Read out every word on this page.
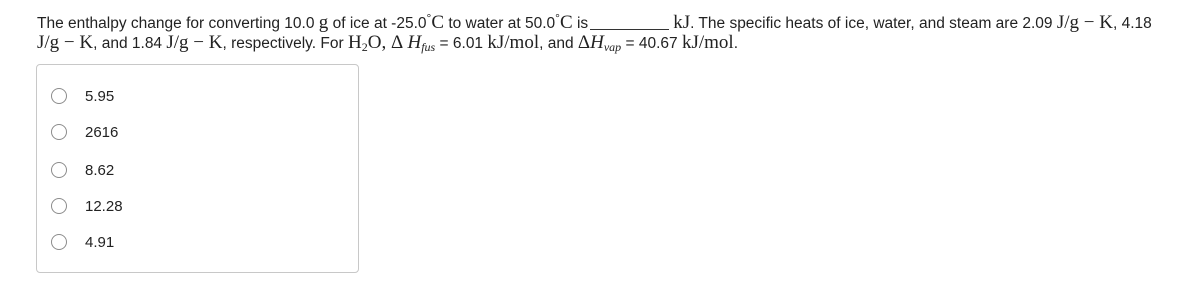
The enthalpy change for converting 10.0 g of ice at -25.0°C to water at 50.0°C is	kJ. The specific heats of ice, water, and steam are 2.09 J/g − K, 4.18
J/g − K, and 1.84 J/g − K, respectively. For H2O, Δ Hfus = 6.01 kJ/mol, and ΔHvap = 40.67 kJ/mol.
5.95
2616
8.62
12.28
4.91
